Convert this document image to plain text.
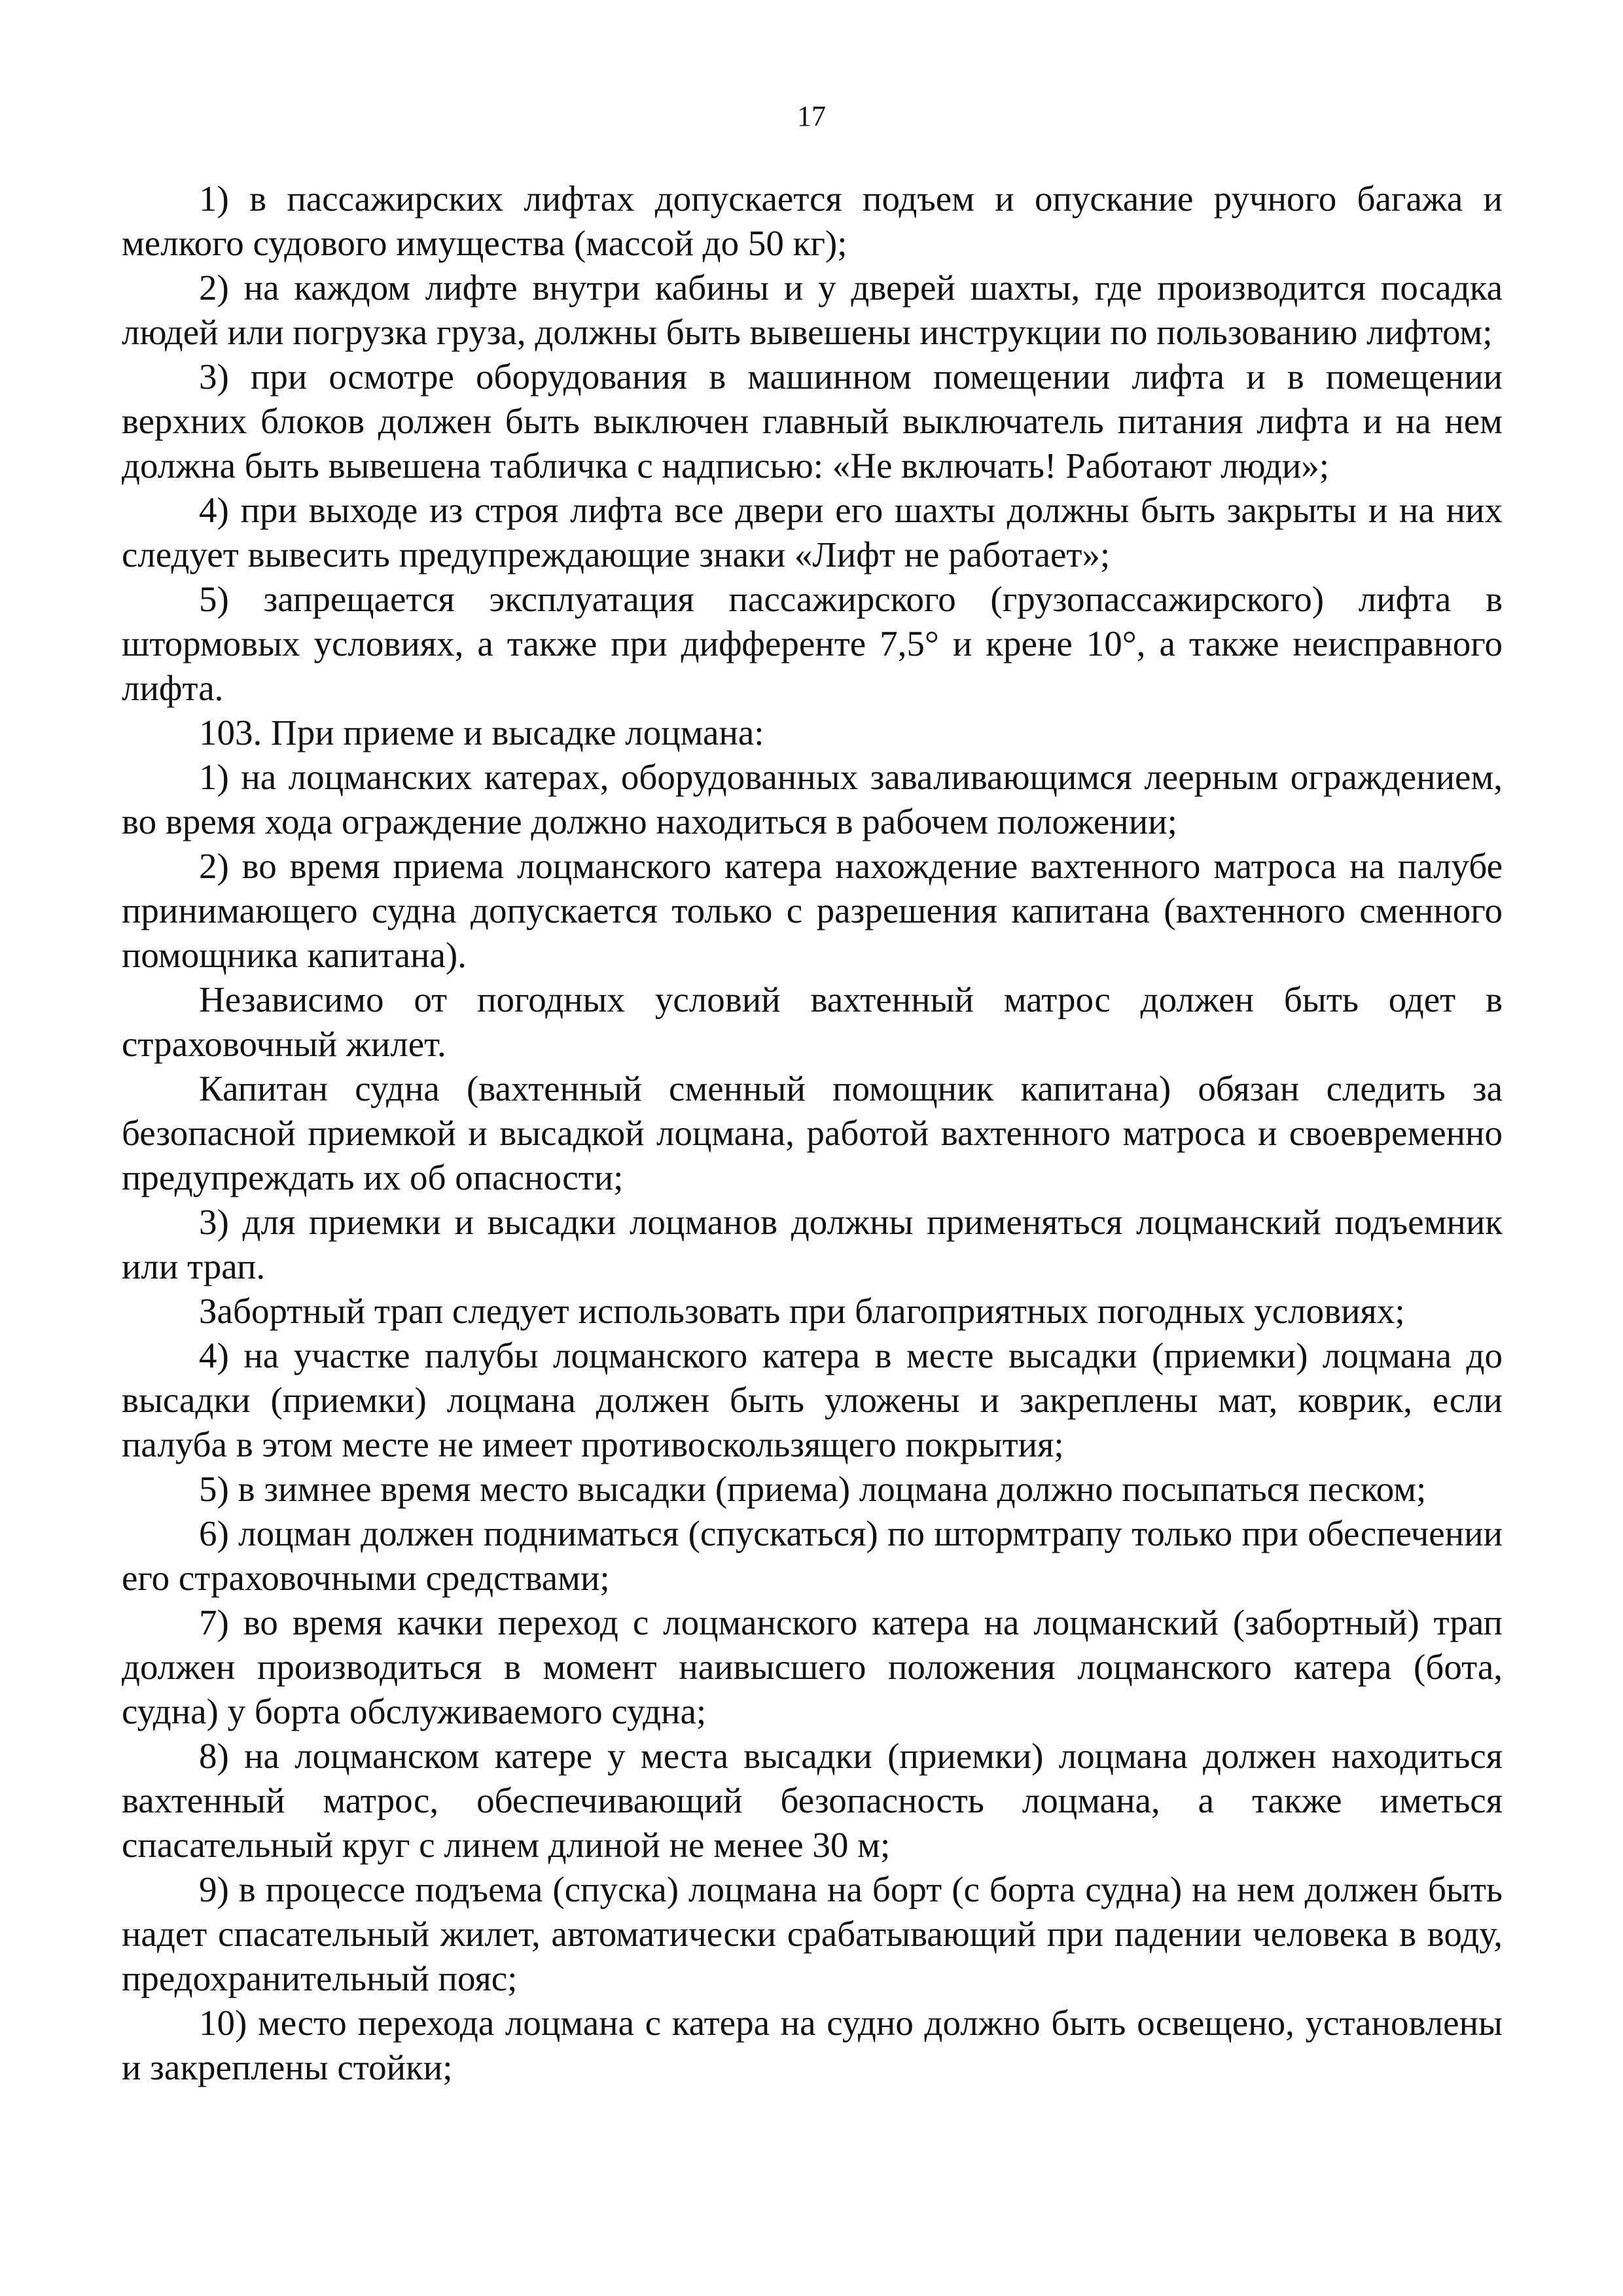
17

1) в пассажирских лифтах допускается подъем и опускание ручного багажа и мелкого судового имущества (массой до 50 кг);

2) на каждом лифте внутри кабины и у дверей шахты, где производится посадка людей или погрузка груза, должны быть вывешены инструкции по пользованию лифтом;

3) при осмотре оборудования в машинном помещении лифта и в помещении верхних блоков должен быть выключен главный выключатель питания лифта и на нем должна быть вывешена табличка с надписью: «Не включать! Работают люди»;

4) при выходе из строя лифта все двери его шахты должны быть закрыты и на них следует вывесить предупреждающие знаки «Лифт не работает»;

5) запрещается эксплуатация пассажирского (грузопассажирского) лифта в штормовых условиях, а также при дифференте 7,5° и крене 10°, а также неисправного лифта.

103. При приеме и высадке лоцмана:

1) на лоцманских катерах, оборудованных заваливающимся леерным ограждением, во время хода ограждение должно находиться в рабочем положении;

2) во время приема лоцманского катера нахождение вахтенного матроса на палубе принимающего судна допускается только с разрешения капитана (вахтенного сменного помощника капитана).

Независимо от погодных условий вахтенный матрос должен быть одет в страховочный жилет.

Капитан судна (вахтенный сменный помощник капитана) обязан следить за безопасной приемкой и высадкой лоцмана, работой вахтенного матроса и своевременно предупреждать их об опасности;

3) для приемки и высадки лоцманов должны применяться лоцманский подъемник или трап.

Забортный трап следует использовать при благоприятных погодных условиях;

4) на участке палубы лоцманского катера в месте высадки (приемки) лоцмана до высадки (приемки) лоцмана должен быть уложены и закреплены мат, коврик, если палуба в этом месте не имеет противоскользящего покрытия;

5) в зимнее время место высадки (приема) лоцмана должно посыпаться песком;

6) лоцман должен подниматься (спускаться) по штормтрапу только при обеспечении его страховочными средствами;

7) во время качки переход с лоцманского катера на лоцманский (забортный) трап должен производиться в момент наивысшего положения лоцманского катера (бота, судна) у борта обслуживаемого судна;

8) на лоцманском катере у места высадки (приемки) лоцмана должен находиться вахтенный матрос, обеспечивающий безопасность лоцмана, а также иметься спасательный круг с линем длиной не менее 30 м;

9) в процессе подъема (спуска) лоцмана на борт (с борта судна) на нем должен быть надет спасательный жилет, автоматически срабатывающий при падении человека в воду, предохранительный пояс;

10) место перехода лоцмана с катера на судно должно быть освещено, установлены и закреплены стойки;
